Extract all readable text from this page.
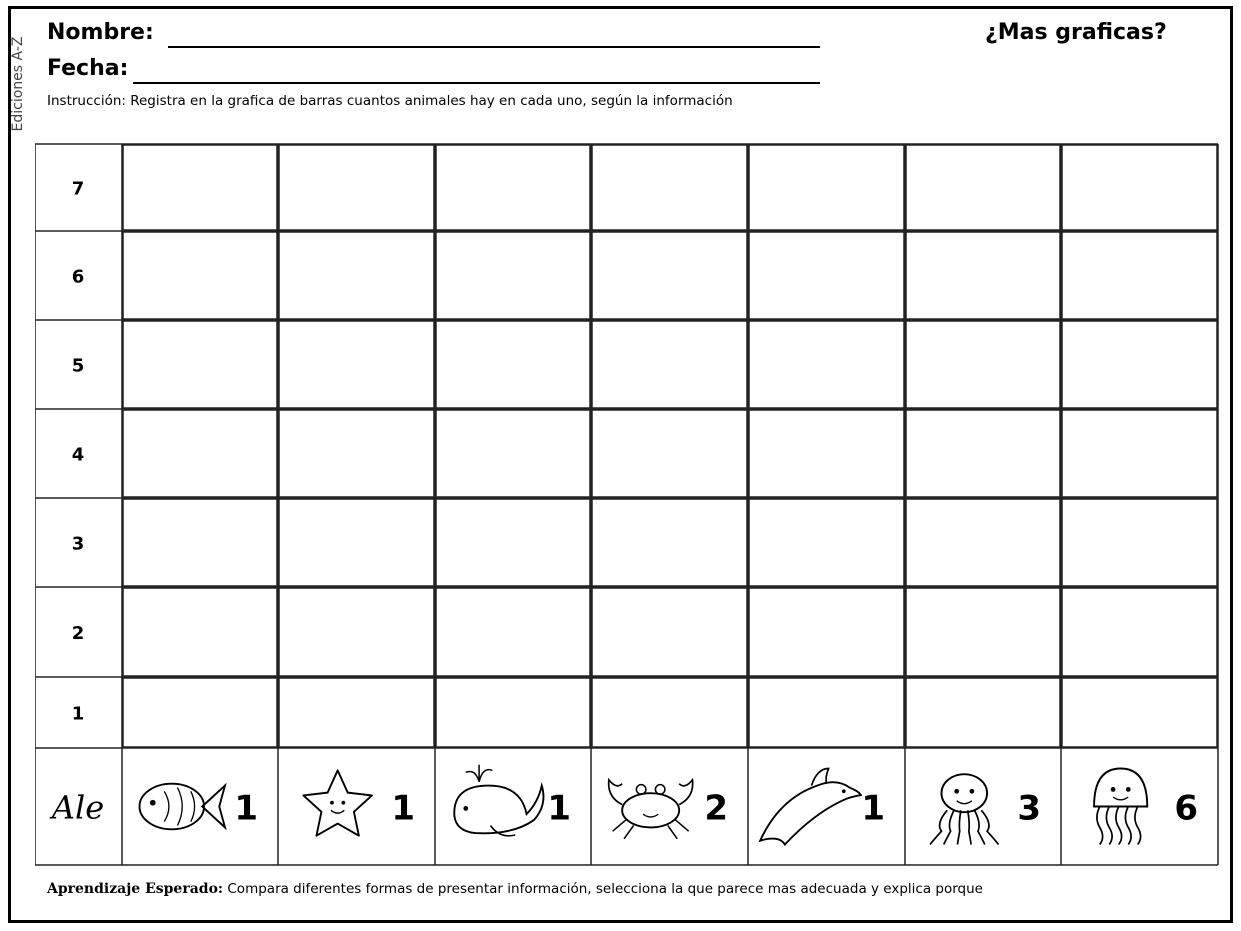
Ediciones A-Z
Nombre:
Fecha:
¿Mas graficas?
Instrucción: Registra en la grafica de barras cuantos animales hay en cada uno, según la información
7
6
5
4
3
2
1
Ale	1	1	1	2	1	3	6
Aprendizaje Esperado: Compara diferentes formas de presentar información, selecciona la que parece mas adecuada y explica porque
